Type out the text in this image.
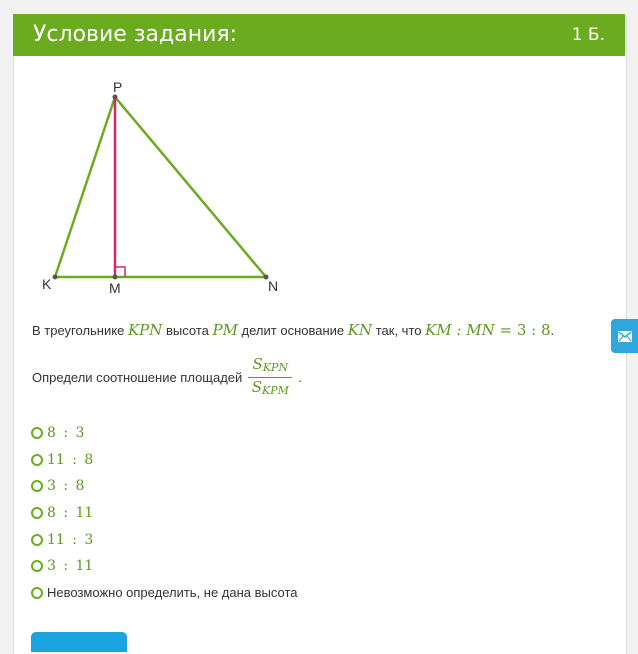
Условие задания:	1 Б.
P
K	M	N
В треугольнике KPN высота PM делит основание KN так, что KM : MN = 3 : 8.
Определи соотношение площадей $\frac{S_{KPN}}{S_{KPM}}$ .
8 : 3
11 : 8
3 : 8
8 : 11
11 : 3
3 : 11
Невозможно определить, не дана высота
